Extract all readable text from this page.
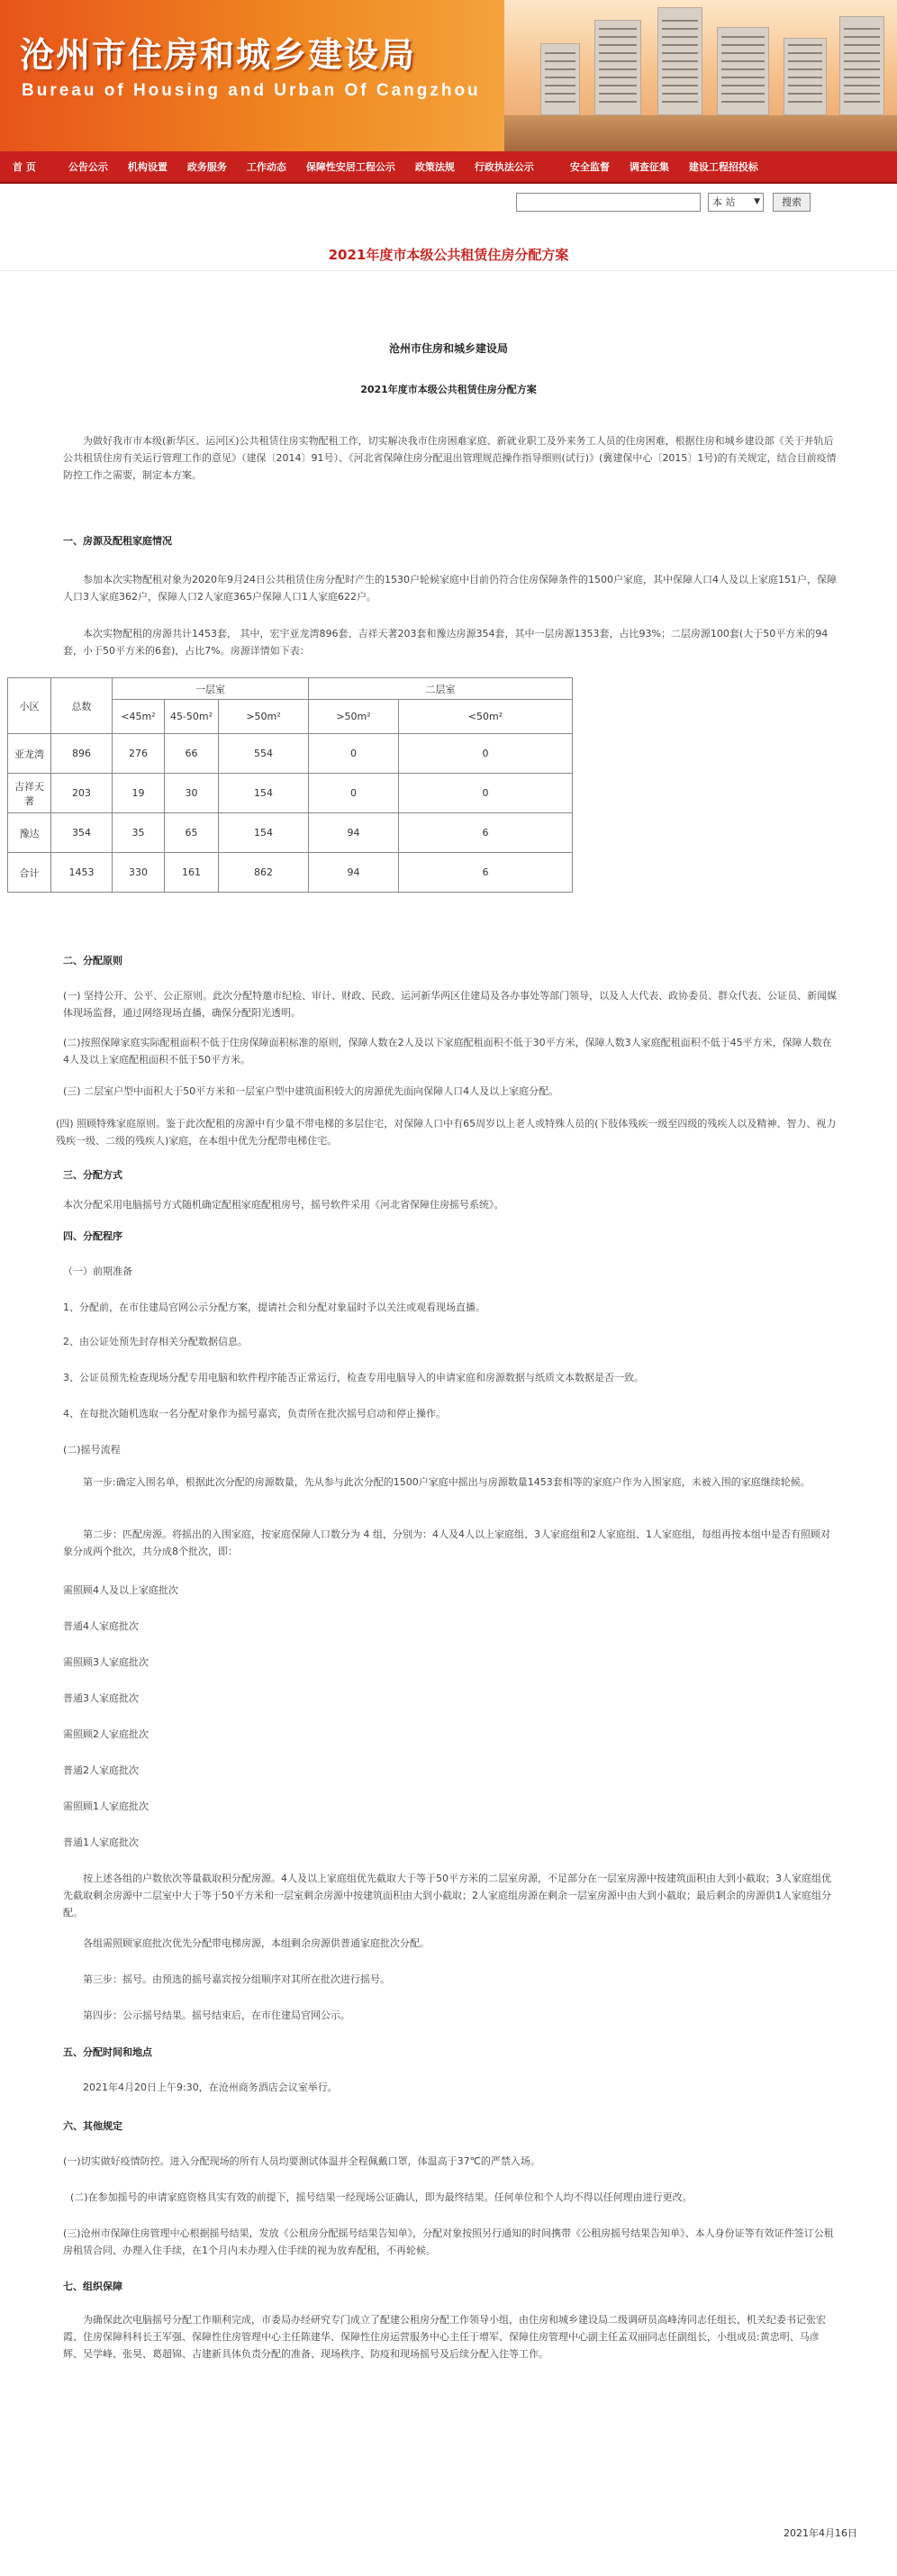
沧州市住房和城乡建设局
Bureau of Housing and Urban Of Cangzhou
首 页	公告公示 机构设置 政务服务 工作动态 保障性安居工程公示 政策法规 行政执法公示	安全监督 调查征集 建设工程招投标
本 站 ▼	搜索
2021年度市本级公共租赁住房分配方案
沧州市住房和城乡建设局
2021年度市本级公共租赁住房分配方案
为做好我市市本级(新华区、运河区)公共租赁住房实物配租工作，切实解决我市住房困难家庭、新就业职工及外来务工人员的住房困难，根据住房和城乡建设部《关于并轨后公共租赁住房有关运行管理工作的意见》（建保〔2014〕91号）、《河北省保障住房分配退出管理规范操作指导细则(试行)》(冀建保中心〔2015〕1号)的有关规定，结合目前疫情防控工作之需要，制定本方案。
一、房源及配租家庭情况
参加本次实物配租对象为2020年9月24日公共租赁住房分配时产生的1530户轮候家庭中目前仍符合住房保障条件的1500户家庭，其中保障人口4人及以上家庭151户，保障人口3人家庭362户，保障人口2人家庭365户保障人口1人家庭622户。
本次实物配租的房源共计1453套， 其中，宏宇亚龙湾896套、吉祥天著203套和豫达房源354套，其中一层房源1353套，占比93%；二层房源100套(大于50平方米的94套，小于50平方米的6套)，占比7%。房源详情如下表：
小区	总数	一层室			二层室	
		<45m²	45-50m²	>50m²	>50m²	<50m²
亚龙湾	896	276	66	554	0	0
吉祥天著	203	19	30	154	0	0
豫达	354	35	65	154	94	6
合计	1453	330	161	862	94	6
二、分配原则
(一) 坚持公开、公平、公正原则。此次分配特邀市纪检、审计、财政、民政、运河新华两区住建局及各办事处等部门领导，以及人大代表、政协委员、群众代表、公证员、新闻媒体现场监督，通过网络现场直播，确保分配阳光透明。
(二)按照保障家庭实际配租面积不低于住房保障面积标准的原则，保障人数在2人及以下家庭配租面积不低于30平方米，保障人数3人家庭配租面积不低于45平方米，保障人数在4人及以上家庭配租面积不低于50平方米。
(三) 二层室户型中面积大于50平方米和一层室户型中建筑面积较大的房源优先面向保障人口4人及以上家庭分配。
(四) 照顾特殊家庭原则。鉴于此次配租的房源中有少量不带电梯的多层住宅，对保障人口中有65周岁以上老人或特殊人员的(下肢体残疾一级至四级的残疾人以及精神、智力、视力残疾一级、二级的残疾人)家庭，在本组中优先分配带电梯住宅。
三、分配方式
本次分配采用电脑摇号方式随机确定配租家庭配租房号，摇号软件采用《河北省保障住房摇号系统》。
四、分配程序
（一）前期准备
1、分配前，在市住建局官网公示分配方案，提请社会和分配对象届时予以关注或观看现场直播。
2、由公证处预先封存相关分配数据信息。
3、公证员预先检查现场分配专用电脑和软件程序能否正常运行，检查专用电脑导入的申请家庭和房源数据与纸质文本数据是否一致。
4、在每批次随机选取一名分配对象作为摇号嘉宾，负责所在批次摇号启动和停止操作。
(二)摇号流程
第一步:确定入围名单，根据此次分配的房源数量，先从参与此次分配的1500户家庭中摇出与房源数量1453套相等的家庭户作为入围家庭，未被入围的家庭继续轮候。
第二步：匹配房源。将摇出的入围家庭，按家庭保障人口数分为 4 组，分别为：4人及4人以上家庭组、3人家庭组和2人家庭组、1人家庭组，每组再按本组中是否有照顾对象分成两个批次，共分成8个批次，即：
需照顾4人及以上家庭批次
普通4人家庭批次
需照顾3人家庭批次
普通3人家庭批次
需照顾2人家庭批次
普通2人家庭批次
需照顾1人家庭批次
普通1人家庭批次
按上述各组的户数依次等量截取积分配房源。4人及以上家庭组优先截取大于等于50平方米的二层室房源，不足部分在一层室房源中按建筑面积由大到小截取；3人家庭组优先截取剩余房源中二层室中大于等于50平方米和一层室剩余房源中按建筑面积由大到小截取；2人家庭组房源在剩余一层室房源中由大到小截取；最后剩余的房源供1人家庭组分配。
各组需照顾家庭批次优先分配带电梯房源，本组剩余房源供普通家庭批次分配。
第三步：摇号。由预选的摇号嘉宾按分组顺序对其所在批次进行摇号。
第四步：公示摇号结果。摇号结束后，在市住建局官网公示。
五、分配时间和地点
2021年4月20日上午9:30，在沧州商务酒店会议室举行。
六、其他规定
(一)切实做好疫情防控。进入分配现场的所有人员均要测试体温并全程佩戴口罩，体温高于37℃的严禁入场。
(二)在参加摇号的申请家庭资格具实有效的前提下，摇号结果一经现场公证确认，即为最终结果。任何单位和个人均不得以任何理由进行更改。
(三)沧州市保障住房管理中心根据摇号结果，发放《公租房分配摇号结果告知单》，分配对象按照另行通知的时间携带《公租房摇号结果告知单》、本人身份证等有效证件签订公租房租赁合同、办理入住手续，在1个月内未办理入住手续的视为放弃配租，不再轮候。
七、组织保障
为确保此次电脑摇号分配工作顺利完成，市委局办经研究专门成立了配建公租房分配工作领导小组，由住房和城乡建设局二级调研员高峰涛同志任组长，机关纪委书记张宏霞、住房保障科科长王军强、保障性住房管理中心主任陈建华、保障性住房运营服务中心主任于增军、保障住房管理中心副主任孟双丽同志任副组长，小组成员:黄忠明、马彦辉、吴学峰、张昊、葛超锦、吉建新具体负责分配的准备、现场秩序、防疫和现场摇号及后续分配入住等工作。
2021年4月16日
